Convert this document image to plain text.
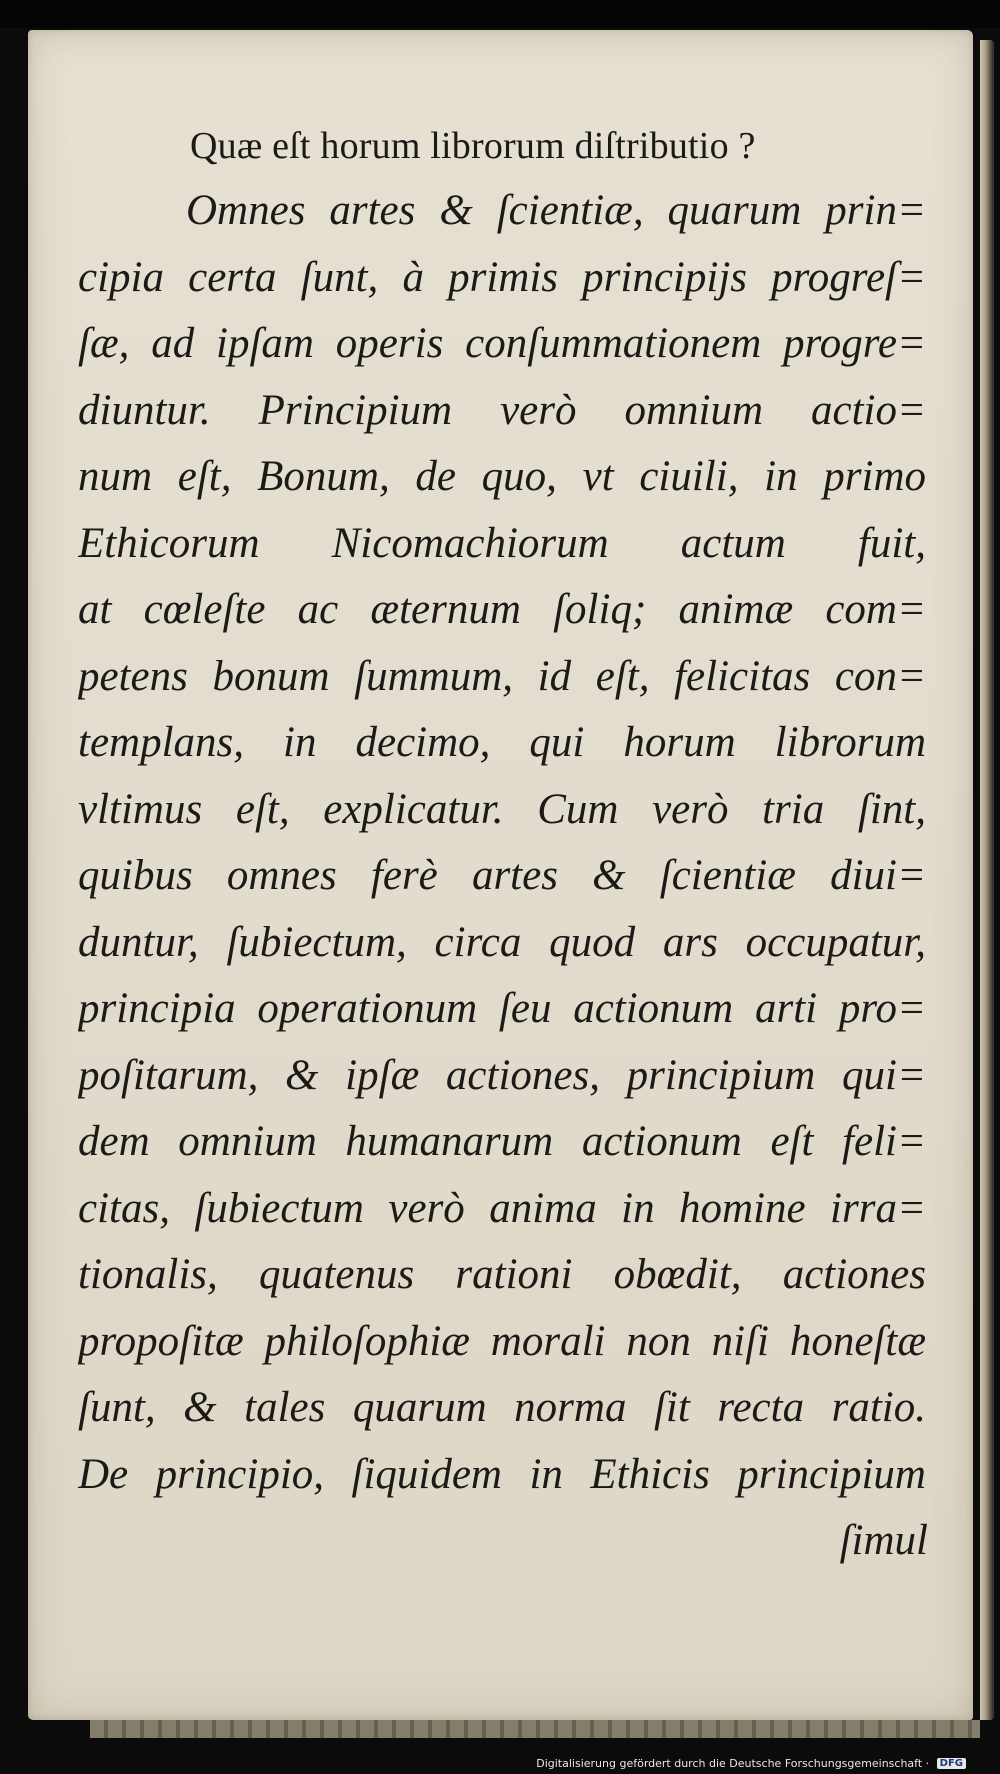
Quæ eſt horum librorum diſtributio ?
Omnes artes & ſcientiæ, quarum prin=
cipia certa ſunt, à primis principijs progreſ=
ſæ, ad ipſam operis conſummationem progre=
diuntur. Principium verò omnium actio=
num eſt, Bonum, de quo, vt ciuili, in primo
Ethicorum Nicomachiorum actum fuit,
at cœleſte ac æternum ſoliq; animæ com=
petens bonum ſummum, id eſt, felicitas con=
templans, in decimo, qui horum librorum
vltimus eſt, explicatur. Cum verò tria ſint,
quibus omnes ferè artes & ſcientiæ diui=
duntur, ſubiectum, circa quod ars occupatur,
principia operationum ſeu actionum arti pro=
poſitarum, & ipſæ actiones, principium qui=
dem omnium humanarum actionum eſt feli=
citas, ſubiectum verò anima in homine irra=
tionalis, quatenus rationi obœdit, actiones
propoſitæ philoſophiæ morali non niſi honeſtæ
ſunt, & tales quarum norma ſit recta ratio.
De principio, ſiquidem in Ethicis principium
ſimul
Digitalisierung gefördert durch die Deutsche Forschungsgemeinschaft · DFG
